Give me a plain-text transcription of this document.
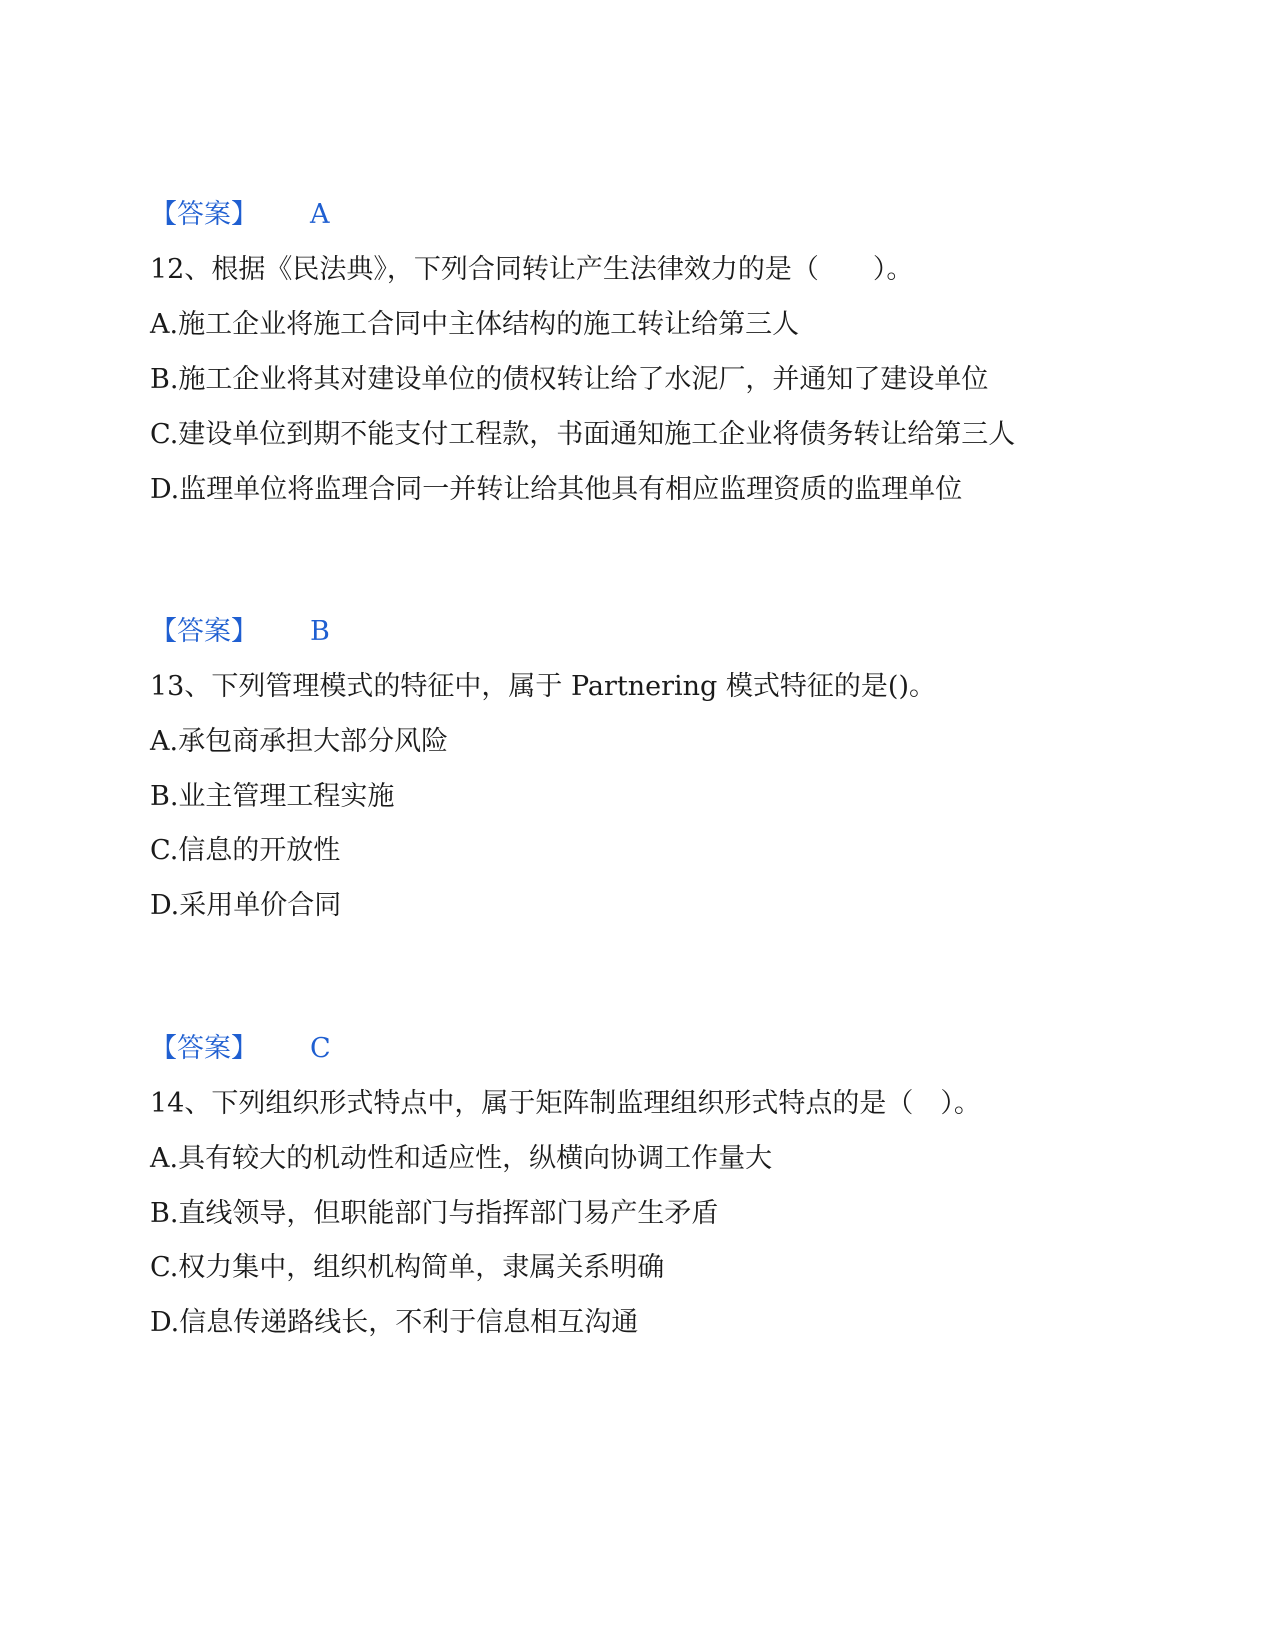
【答案】 A
12、根据《民法典》，下列合同转让产生法律效力的是（　　）。
A.施工企业将施工合同中主体结构的施工转让给第三人
B.施工企业将其对建设单位的债权转让给了水泥厂，并通知了建设单位
C.建设单位到期不能支付工程款，书面通知施工企业将债务转让给第三人
D.监理单位将监理合同一并转让给其他具有相应监理资质的监理单位
【答案】 B
13、下列管理模式的特征中，属于 Partnering 模式特征的是()。
A.承包商承担大部分风险
B.业主管理工程实施
C.信息的开放性
D.采用单价合同
【答案】 C
14、下列组织形式特点中，属于矩阵制监理组织形式特点的是（　）。
A.具有较大的机动性和适应性，纵横向协调工作量大
B.直线领导，但职能部门与指挥部门易产生矛盾
C.权力集中，组织机构简单，隶属关系明确
D.信息传递路线长，不利于信息相互沟通
